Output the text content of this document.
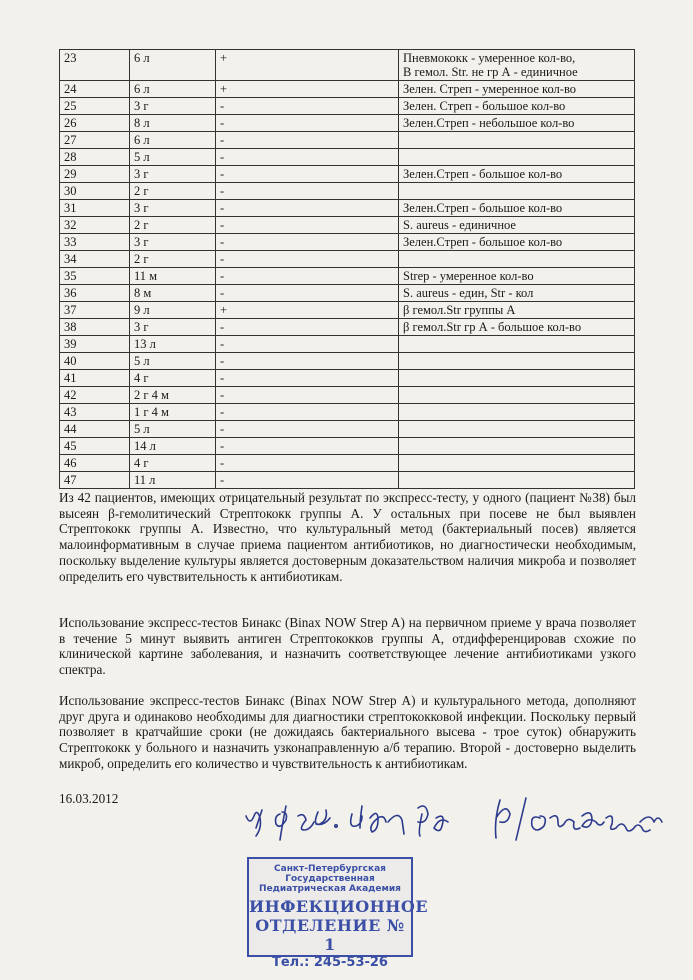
23	6 л	+	Пневмококк - умеренное кол-во,
В гемол. Str. не гр А - единичное
24	6 л	+	Зелен. Стреп - умеренное кол-во
25	3 г	-	Зелен. Стреп - большое кол-во
26	8 л	-	Зелен.Стреп - небольшое кол-во
27	6 л	-	
28	5 л	-	
29	3 г	-	Зелен.Стреп - большое кол-во
30	2 г	-	
31	3 г	-	Зелен.Стреп - большое кол-во
32	2 г	-	S. aureus - единичное
33	3 г	-	Зелен.Стреп - большое кол-во
34	2 г	-	
35	11 м	-	Strep - умеренное кол-во
36	8 м	-	S. aureus - един, Str - кол
37	9 л	+	β гемол.Str группы А
38	3 г	-	β гемол.Str гр А - большое кол-во
39	13 л	-	
40	5 л	-	
41	4 г	-	
42	2 г 4 м	-	
43	1 г 4 м	-	
44	5 л	-	
45	14 л	-	
46	4 г	-	
47	11 л	-	
Из 42 пациентов, имеющих отрицательный результат по экспресс-тесту, у одного (пациент №38) был высеян β-гемолитический Стрептококк группы А. У остальных при посеве не был выявлен Стрептококк группы А. Известно, что культуральный метод (бактериальный посев) является малоинформативным в случае приема пациентом антибиотиков, но диагностически необходимым, поскольку выделение культуры является достоверным доказательством наличия микроба и позволяет определить его чувствительность к антибиотикам.
Использование экспресс-тестов Бинакс (Binax NOW Strep A) на первичном приеме у врача позволяет в течение 5 минут выявить антиген Стрептококков группы А, отдифференцировав схожие по клинической картине заболевания, и назначить соответствующее лечение антибиотиками узкого спектра.
Использование экспресс-тестов Бинакс (Binax NOW Strep A) и культурального метода, дополняют друг друга и одинаково необходимы для диагностики стрептококковой инфекции. Поскольку первый позволяет в кратчайшие сроки (не дожидаясь бактериального высева - трое суток) обнаружить Стрептококк у больного и назначить узконаправленную а/б терапию. Второй - достоверно выделить микроб, определить его количество и чувствительность к антибиотикам.
16.03.2012
Санкт-Петербургская Государственная
Педиатрическая Академия
ИНФЕКЦИОННОЕ
ОТДЕЛЕНИЕ № 1
Тел.: 245-53-26
